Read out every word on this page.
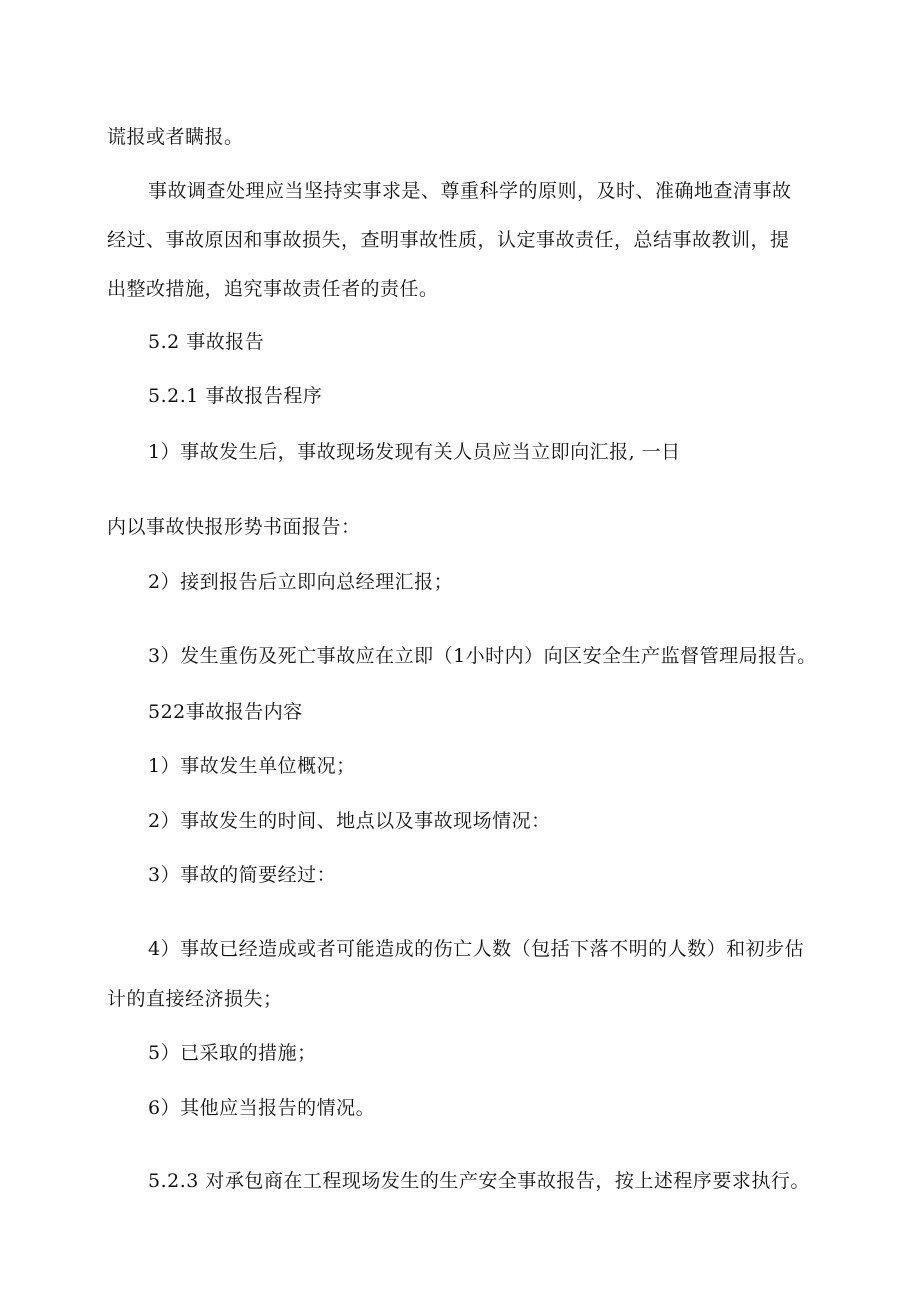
谎报或者瞒报。

事故调查处理应当坚持实事求是、尊重科学的原则，及时、准确地查清事故

经过、事故原因和事故损失，查明事故性质，认定事故责任，总结事故教训，提

出整改措施，追究事故责任者的责任。

5.2 事故报告

5.2.1 事故报告程序

1）事故发生后，事故现场发现有关人员应当立即向汇报, 一日

内以事故快报形势书面报告：

2）接到报告后立即向总经理汇报；

3）发生重伤及死亡事故应在立即（1小时内）向区安全生产监督管理局报告。

522事故报告内容

1）事故发生单位概况；

2）事故发生的时间、地点以及事故现场情况：

3）事故的简要经过：

4）事故已经造成或者可能造成的伤亡人数（包括下落不明的人数）和初步估

计的直接经济损失；

5）已采取的措施；

6）其他应当报告的情况。

5.2.3 对承包商在工程现场发生的生产安全事故报告，按上述程序要求执行。
